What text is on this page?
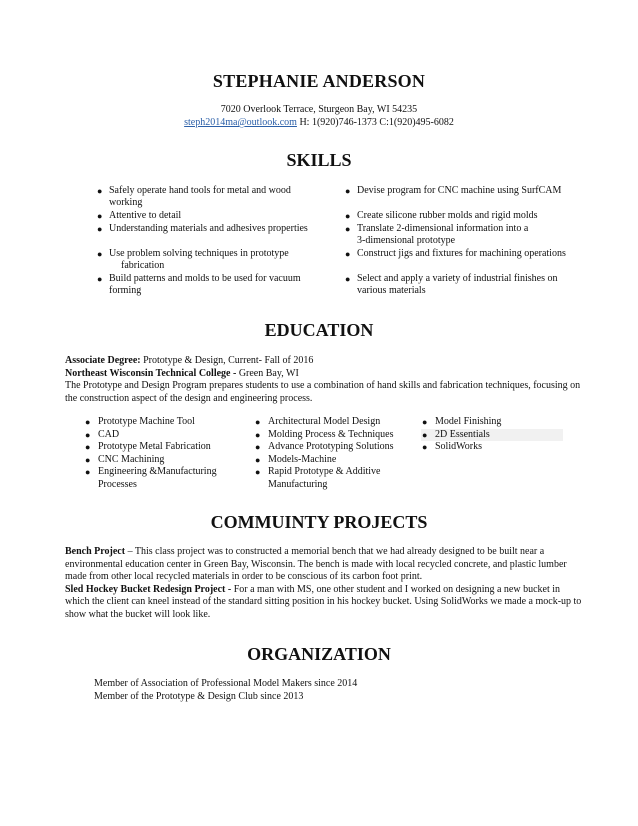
STEPHANIE ANDERSON
7020 Overlook Terrace, Sturgeon Bay, WI 54235
steph2014ma@outlook.com H: 1(920)746-1373 C:1(920)495-6082
SKILLS
● Safely operate hand tools for metal and wood
working
● Devise program for CNC machine using SurfCAM
● Attentive to detail	● Create silicone rubber molds and rigid molds
● Understanding materials and adhesives properties	● Translate 2-dimensional information into a
3-dimensional prototype
● Use problem solving techniques in prototype
fabrication
● Construct jigs and fixtures for machining operations
● Build patterns and molds to be used for vacuum
forming
● Select and apply a variety of industrial finishes on
various materials
EDUCATION
Associate Degree: Prototype & Design, Current- Fall of 2016
Northeast Wisconsin Technical College - Green Bay, WI
The Prototype and Design Program prepares students to use a combination of hand skills and fabrication techniques, focusing on the construction aspect of the design and engineering process.
● Prototype Machine Tool
● CAD
● Prototype Metal Fabrication
● CNC Machining
● Engineering &Manufacturing
Processes
● Architectural Model Design
● Molding Process & Techniques
● Advance Prototyping Solutions
● Models-Machine
● Rapid Prototype & Additive
Manufacturing
● Model Finishing
● 2D Essentials
● SolidWorks
COMMUINTY PROJECTS
Bench Project – This class project was to constructed a memorial bench that we had already designed to be built near a environmental education center in Green Bay, Wisconsin. The bench is made with local recycled concrete, and plastic lumber made from other local recycled materials in order to be conscious of its carbon foot print.
Sled Hockey Bucket Redesign Project - For a man with MS, one other student and I worked on designing a new bucket in which the client can kneel instead of the standard sitting position in his hockey bucket. Using SolidWorks we made a mock-up to show what the bucket will look like.
ORGANIZATION
Member of Association of Professional Model Makers since 2014
Member of the Prototype & Design Club since 2013
